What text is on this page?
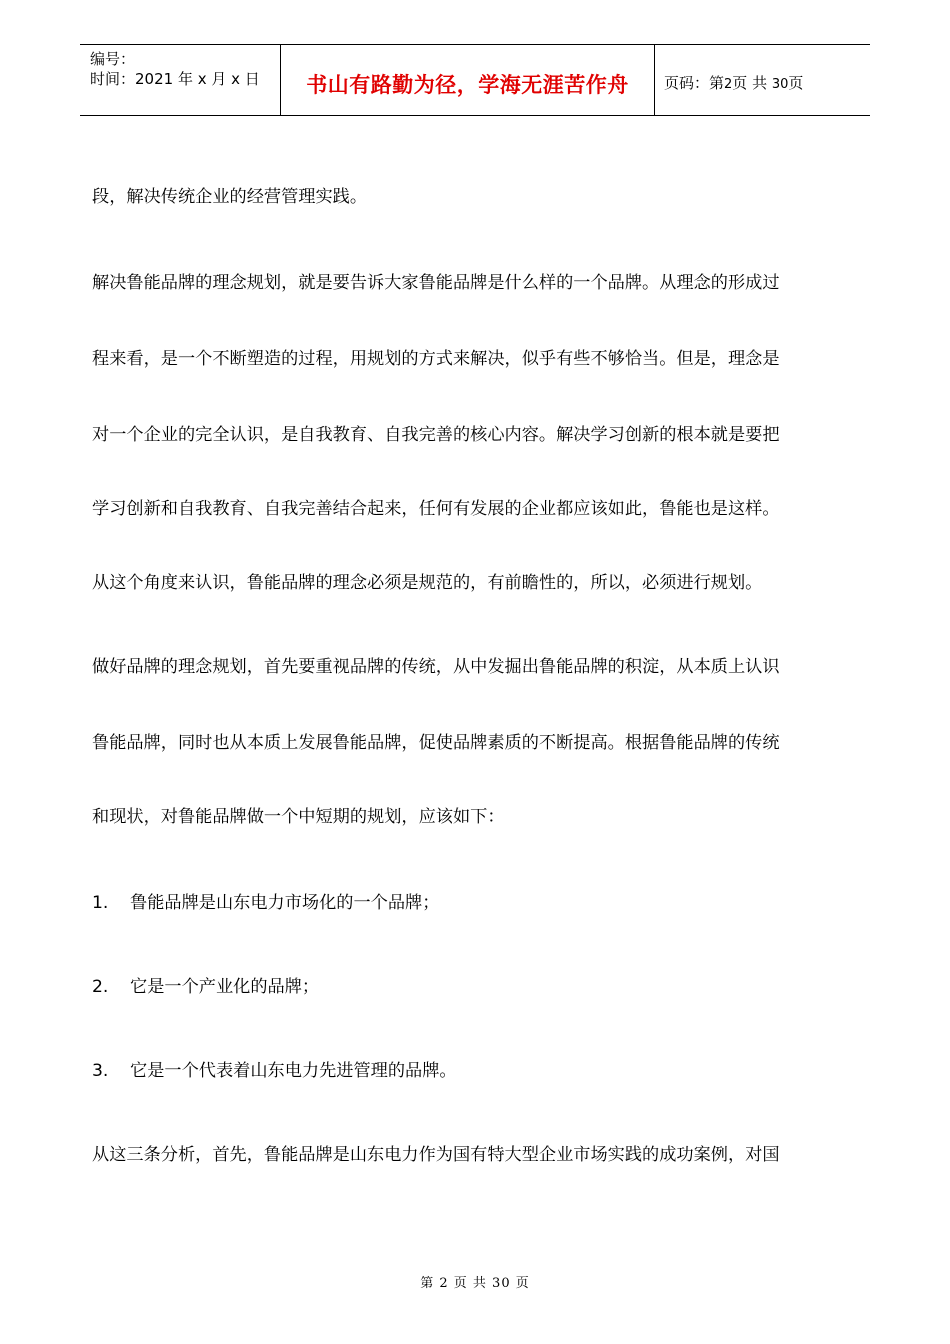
编号：
时间：2021 年 x 月 x 日	书山有路勤为径，学海无涯苦作舟	页码：第2页 共 30页
段，解决传统企业的经营管理实践。
解决鲁能品牌的理念规划，就是要告诉大家鲁能品牌是什么样的一个品牌。从理念的形成过
程来看，是一个不断塑造的过程，用规划的方式来解决，似乎有些不够恰当。但是，理念是
对一个企业的完全认识，是自我教育、自我完善的核心内容。解决学习创新的根本就是要把
学习创新和自我教育、自我完善结合起来，任何有发展的企业都应该如此，鲁能也是这样。
从这个角度来认识，鲁能品牌的理念必须是规范的，有前瞻性的，所以，必须进行规划。
做好品牌的理念规划，首先要重视品牌的传统，从中发掘出鲁能品牌的积淀，从本质上认识
鲁能品牌，同时也从本质上发展鲁能品牌，促使品牌素质的不断提高。根据鲁能品牌的传统
和现状，对鲁能品牌做一个中短期的规划，应该如下：
1. 鲁能品牌是山东电力市场化的一个品牌；
2. 它是一个产业化的品牌；
3. 它是一个代表着山东电力先进管理的品牌。
从这三条分析，首先，鲁能品牌是山东电力作为国有特大型企业市场实践的成功案例，对国
第 2 页 共 30 页
